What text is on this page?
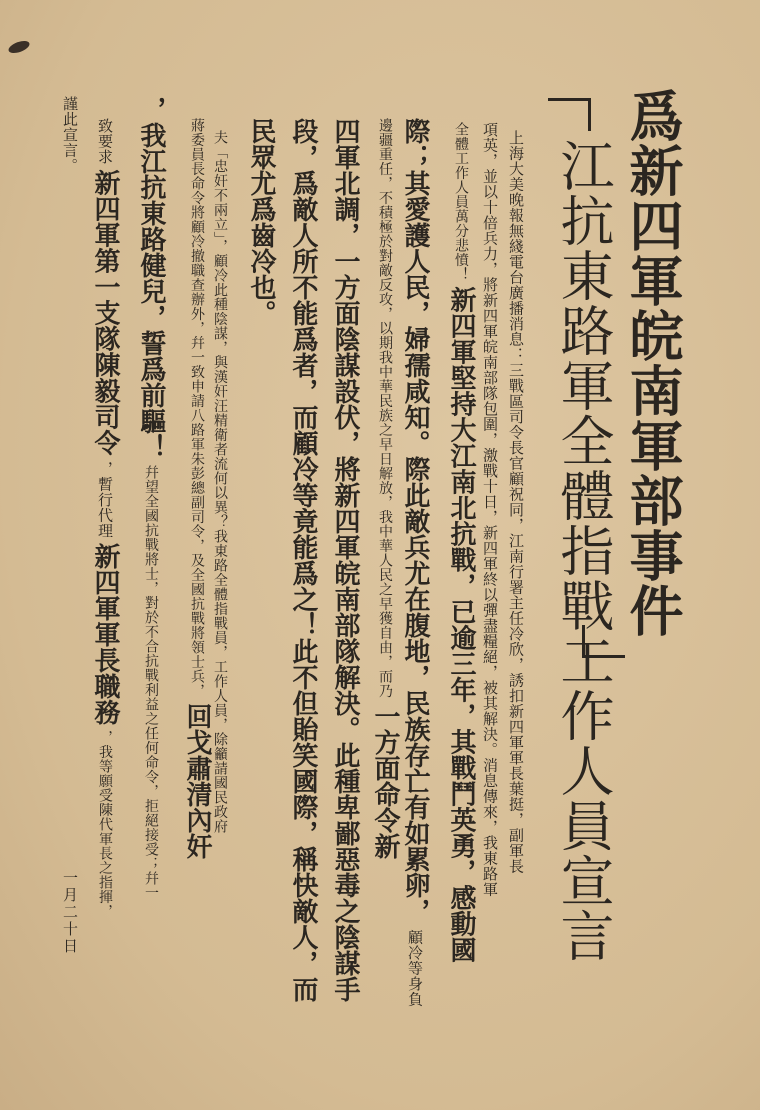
爲新四軍皖南軍部事件
江抗東路軍全體指戰工作人員宣言
上海大美晚報無綫電台廣播消息：三戰區司令長官顧祝同，江南行署主任冷欣，誘扣新四軍軍長葉挺，副軍長
項英，並以十倍兵力，將新四軍皖南部隊包圍，激戰十日，新四軍終以彈盡糧絕，被其解決。消息傳來，我東路軍
全體工作人員萬分悲憤！ 新四軍堅持大江南北抗戰，已逾三年，其戰鬥英勇，感動國
際；其愛護人民，婦孺咸知。際此敵兵尤在腹地，民族存亡有如累卵， 顧冷等身負
邊疆重任，不積極於對敵反攻，以期我中華民族之早日解放，我中華人民之早獲自由，而乃 一方面命令新
四軍北調，一方面陰謀設伏，將新四軍皖南部隊解決。此種卑鄙惡毒之陰謀手
段，爲敵人所不能爲者，而顧冷等竟能爲之！此不但貽笑國際，稱快敵人，而
民眾尤爲齒冷也。
夫「忠奸不兩立」，顧冷此種陰謀，與漢奸汪精衛者流何以異？我東路全體指戰員，工作人員，除籲請國民政府
蔣委員長命令將顧冷撤職查辦外，幷一致申請八路軍朱彭總副司令，及全國抗戰將領士兵， 回戈肅清內奸
，我江抗東路健兒，誓爲前驅！ 幷望全國抗戰將士，對於不合抗戰利益之任何命令，拒絕接受；幷一
致要求 新四軍第一支隊陳毅司令 ，暫行代理 新四軍軍長職務 ，我等願受陳代軍長之指揮，
謹此宣言。
一月二十日
